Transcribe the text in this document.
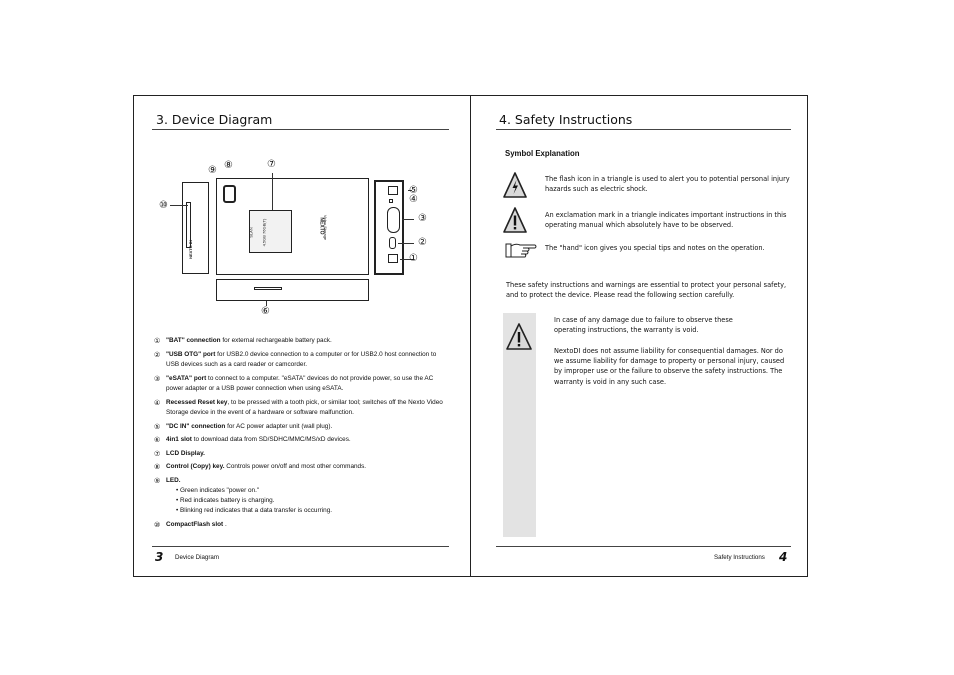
3. Device Diagram
NEXTO DI
SLAN 4.5GB 76GB(T)	NEXTO
Video Storage
⑨ ⑧	⑦
⑩
⑤
④
③
②
①
⑥
① "BAT" connection for external rechargeable battery pack.
② "USB OTG" port for USB2.0 device connection to a computer or for USB2.0 host connection to USB devices such as a card reader or camcorder.
③ "eSATA" port to connect to a computer. "eSATA" devices do not provide power, so use the AC power adapter or a USB power connection when using eSATA.
④ Recessed Reset key, to be pressed with a tooth pick, or similar tool; switches off the Nexto Video Storage device in the event of a hardware or software malfunction.
⑤ "DC IN" connection for AC power adapter unit (wall plug).
⑥ 4in1 slot to download data from SD/SDHC/MMC/MS/xD devices.
⑦ LCD Display.
⑧ Control (Copy) key. Controls power on/off and most other commands.
⑨ LED.
• Green indicates "power on."
• Red indicates battery is charging.
• Blinking red indicates that a data transfer is occurring.
⑩ CompactFlash slot .
3 Device Diagram
4. Safety Instructions
Symbol Explanation
The flash icon in a triangle is used to alert you to potential personal injury hazards such as electric shock.
An exclamation mark in a triangle indicates important instructions in this operating manual which absolutely have to be observed.
The "hand" icon gives you special tips and notes on the operation.
These safety instructions and warnings are essential to protect your personal safety, and to protect the device. Please read the following section carefully.
In case of any damage due to failure to observe these operating instructions, the warranty is void.
NextoDI does not assume liability for consequential damages. Nor do we assume liability for damage to property or personal injury, caused by improper use or the failure to observe the safety instructions. The warranty is void in any such case.
Safety Instructions 4
